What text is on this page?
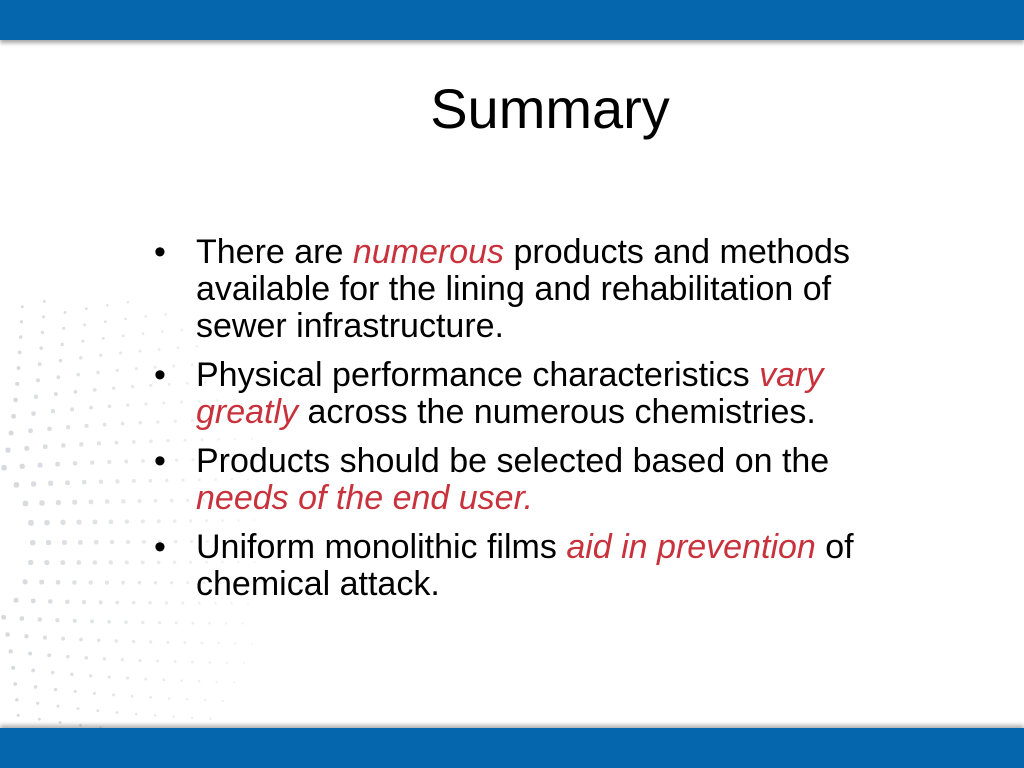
Summary
• There are numerous products and methods available for the lining and rehabilitation of sewer infrastructure.
• Physical performance characteristics vary greatly across the numerous chemistries.
• Products should be selected based on the needs of the end user.
• Uniform monolithic films aid in prevention of chemical attack.
